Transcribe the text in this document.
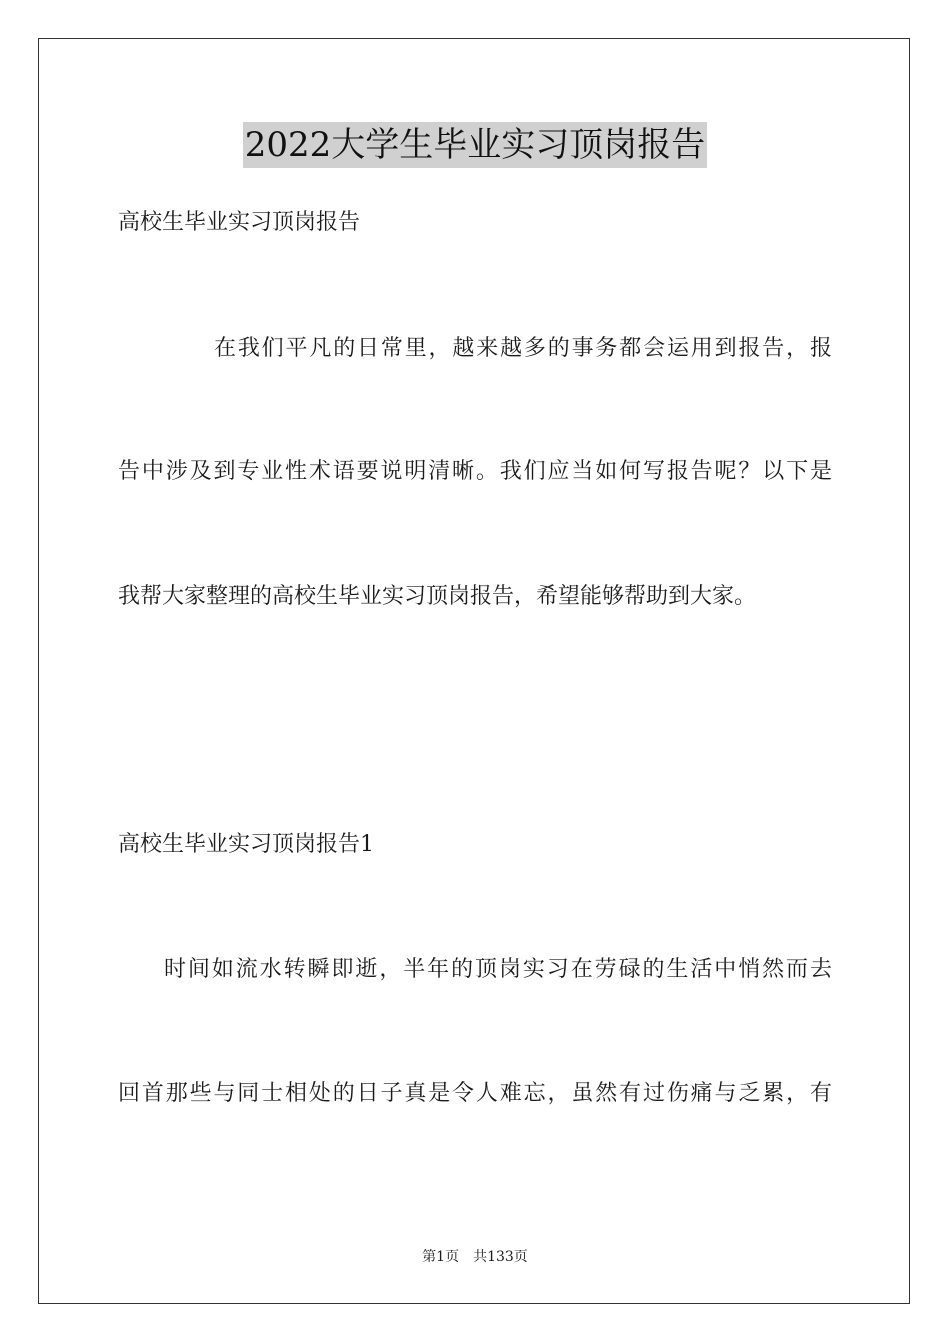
2022大学生毕业实习顶岗报告
高校生毕业实习顶岗报告
在我们平凡的日常里，越来越多的事务都会运用到报告，报
告中涉及到专业性术语要说明清晰。我们应当如何写报告呢？以下是
我帮大家整理的高校生毕业实习顶岗报告，希望能够帮助到大家。
高校生毕业实习顶岗报告1
时间如流水转瞬即逝，半年的顶岗实习在劳碌的生活中悄然而去
回首那些与同士相处的日子真是令人难忘，虽然有过伤痛与乏累，有
第1页　共133页
